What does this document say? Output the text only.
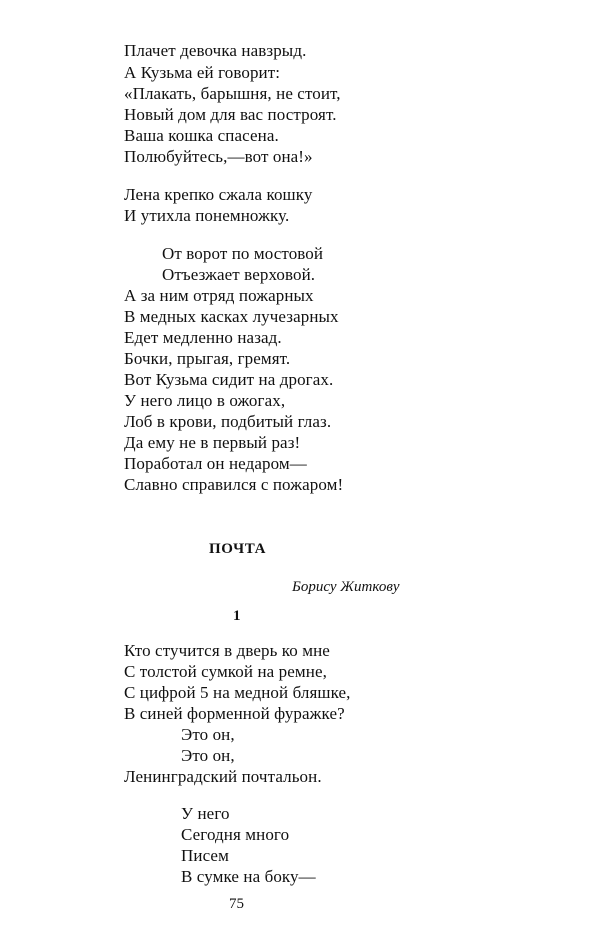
Плачет девочка навзрыд.
А Кузьма ей говорит:
«Плакать, барышня, не стоит,
Новый дом для вас построят.
Ваша кошка спасена.
Полюбуйтесь,—вот она!»
Лена крепко сжала кошку
И утихла понемножку.
От ворот по мостовой
Отъезжает верховой.
А за ним отряд пожарных
В медных касках лучезарных
Едет медленно назад.
Бочки, прыгая, гремят.
Вот Кузьма сидит на дрогах.
У него лицо в ожогах,
Лоб в крови, подбитый глаз.
Да ему не в первый раз!
Поработал он недаром—
Славно справился с пожаром!
ПОЧТА
Борису Житкову
1
Кто стучится в дверь ко мне
С толстой сумкой на ремне,
С цифрой 5 на медной бляшке,
В синей форменной фуражке?
Это он,
Это он,
Ленинградский почтальон.
У него
Сегодня много
Писем
В сумке на боку—
75
